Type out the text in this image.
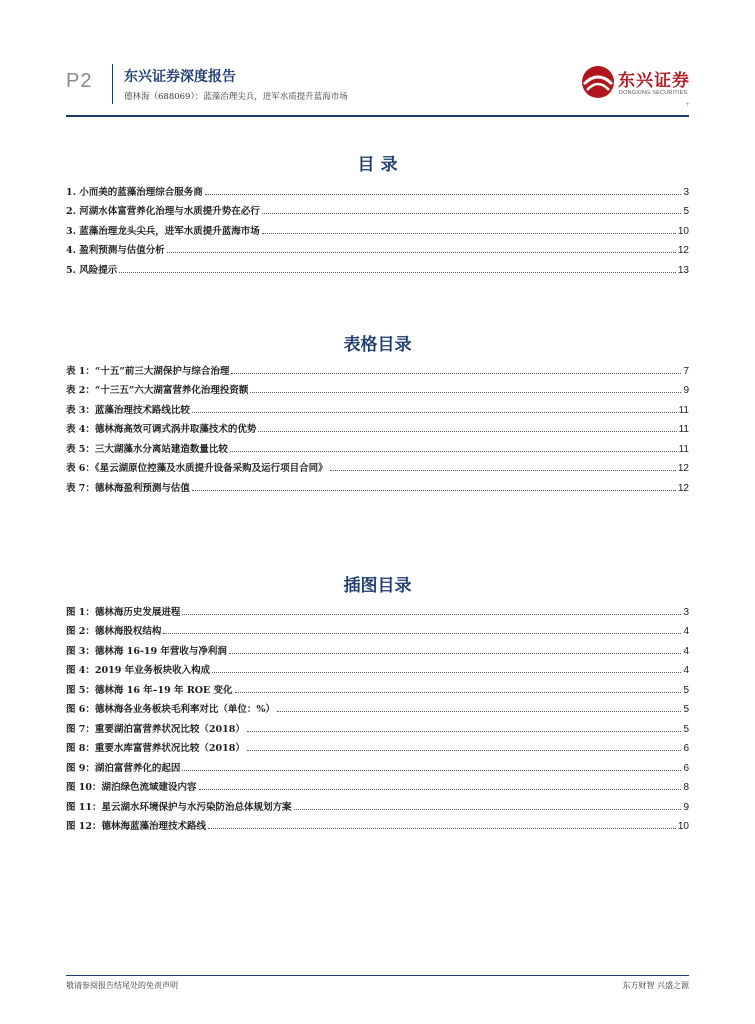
P2 东兴证券深度报告
德林海（688069）：蓝藻治理尖兵，进军水质提升蓝海市场
东兴证券
DONGXING SECURITIES
+
目 录
1. 小而美的蓝藻治理综合服务商	3
2. 河湖水体富营养化治理与水质提升势在必行	5
3. 蓝藻治理龙头尖兵，进军水质提升蓝海市场	10
4. 盈利预测与估值分析	12
5. 风险提示	13
表格目录
表 1：“十五”前三大湖保护与综合治理	7
表 2：“十三五”六大湖富营养化治理投资额	9
表 3：蓝藻治理技术路线比较	11
表 4：德林海高效可调式涡井取藻技术的优势	11
表 5：三大湖藻水分离站建造数量比较	11
表 6：《星云湖原位控藻及水质提升设备采购及运行项目合同》	12
表 7：德林海盈利预测与估值	12
插图目录
图 1：德林海历史发展进程	3
图 2：德林海股权结构	4
图 3：德林海 16-19 年营收与净利润	4
图 4：2019 年业务板块收入构成	4
图 5：德林海 16 年–19 年 ROE 变化	5
图 6：德林海各业务板块毛利率对比（单位：%）	5
图 7：重要湖泊富营养状况比较（2018）	5
图 8：重要水库富营养状况比较（2018）	6
图 9：湖泊富营养化的起因	6
图 10：湖泊绿色流域建设内容	8
图 11：星云湖水环境保护与水污染防治总体规划方案	9
图 12：德林海蓝藻治理技术路线	10
敬请参阅报告结尾处的免责声明	东方财智 兴盛之源
